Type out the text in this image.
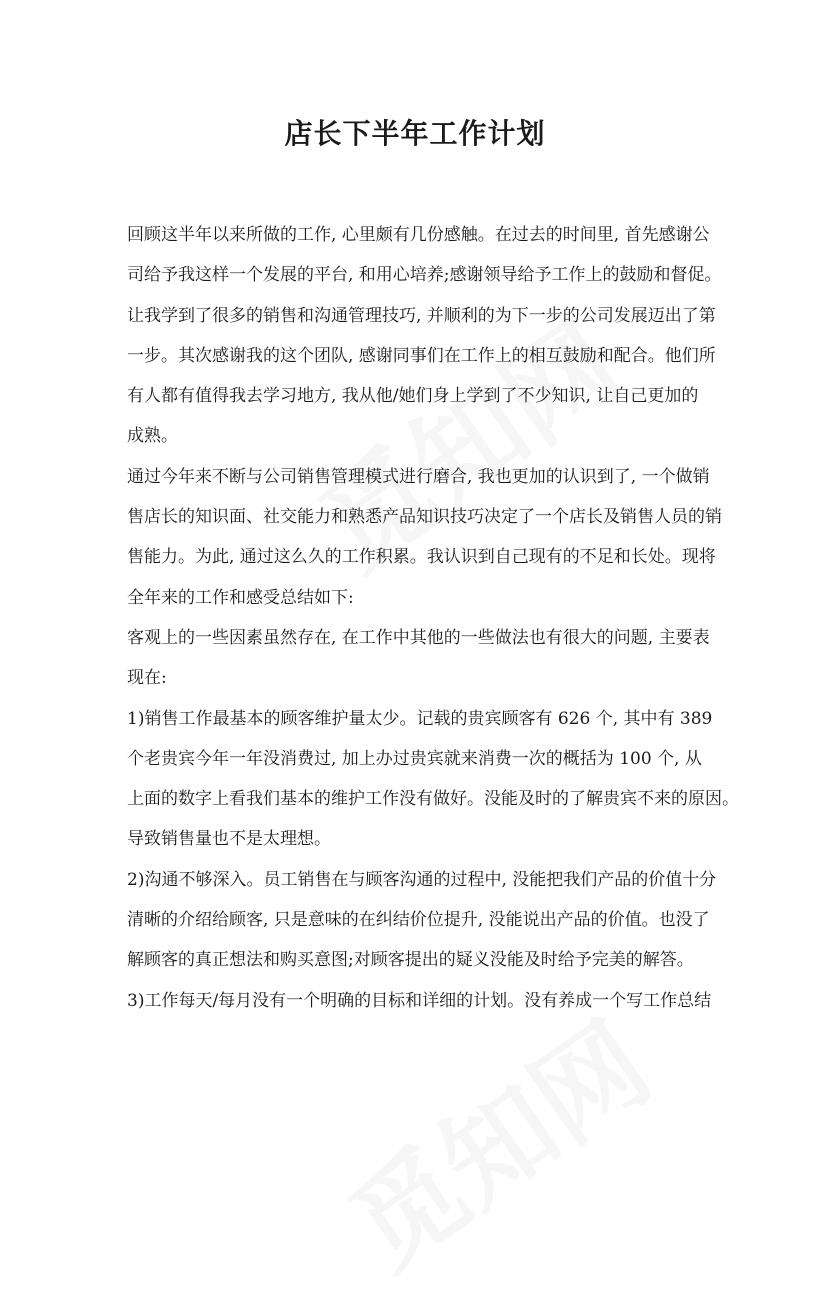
店长下半年工作计划
回顾这半年以来所做的工作, 心里颇有几份感触。在过去的时间里, 首先感谢公
司给予我这样一个发展的平台, 和用心培养;感谢领导给予工作上的鼓励和督促。
让我学到了很多的销售和沟通管理技巧, 并顺利的为下一步的公司发展迈出了第
一步。其次感谢我的这个团队, 感谢同事们在工作上的相互鼓励和配合。他们所
有人都有值得我去学习地方, 我从他/她们身上学到了不少知识, 让自己更加的
成熟。
通过今年来不断与公司销售管理模式进行磨合, 我也更加的认识到了, 一个做销
售店长的知识面、社交能力和熟悉产品知识技巧决定了一个店长及销售人员的销
售能力。为此, 通过这么久的工作积累。我认识到自己现有的不足和长处。现将
全年来的工作和感受总结如下:
客观上的一些因素虽然存在, 在工作中其他的一些做法也有很大的问题, 主要表
现在:
1)销售工作最基本的顾客维护量太少。记载的贵宾顾客有 626 个, 其中有 389
个老贵宾今年一年没消费过, 加上办过贵宾就来消费一次的概括为 100 个, 从
上面的数字上看我们基本的维护工作没有做好。没能及时的了解贵宾不来的原因。
导致销售量也不是太理想。
2)沟通不够深入。员工销售在与顾客沟通的过程中, 没能把我们产品的价值十分
清晰的介绍给顾客, 只是意味的在纠结价位提升, 没能说出产品的价值。也没了
解顾客的真正想法和购买意图;对顾客提出的疑义没能及时给予完美的解答。
3)工作每天/每月没有一个明确的目标和详细的计划。没有养成一个写工作总结
